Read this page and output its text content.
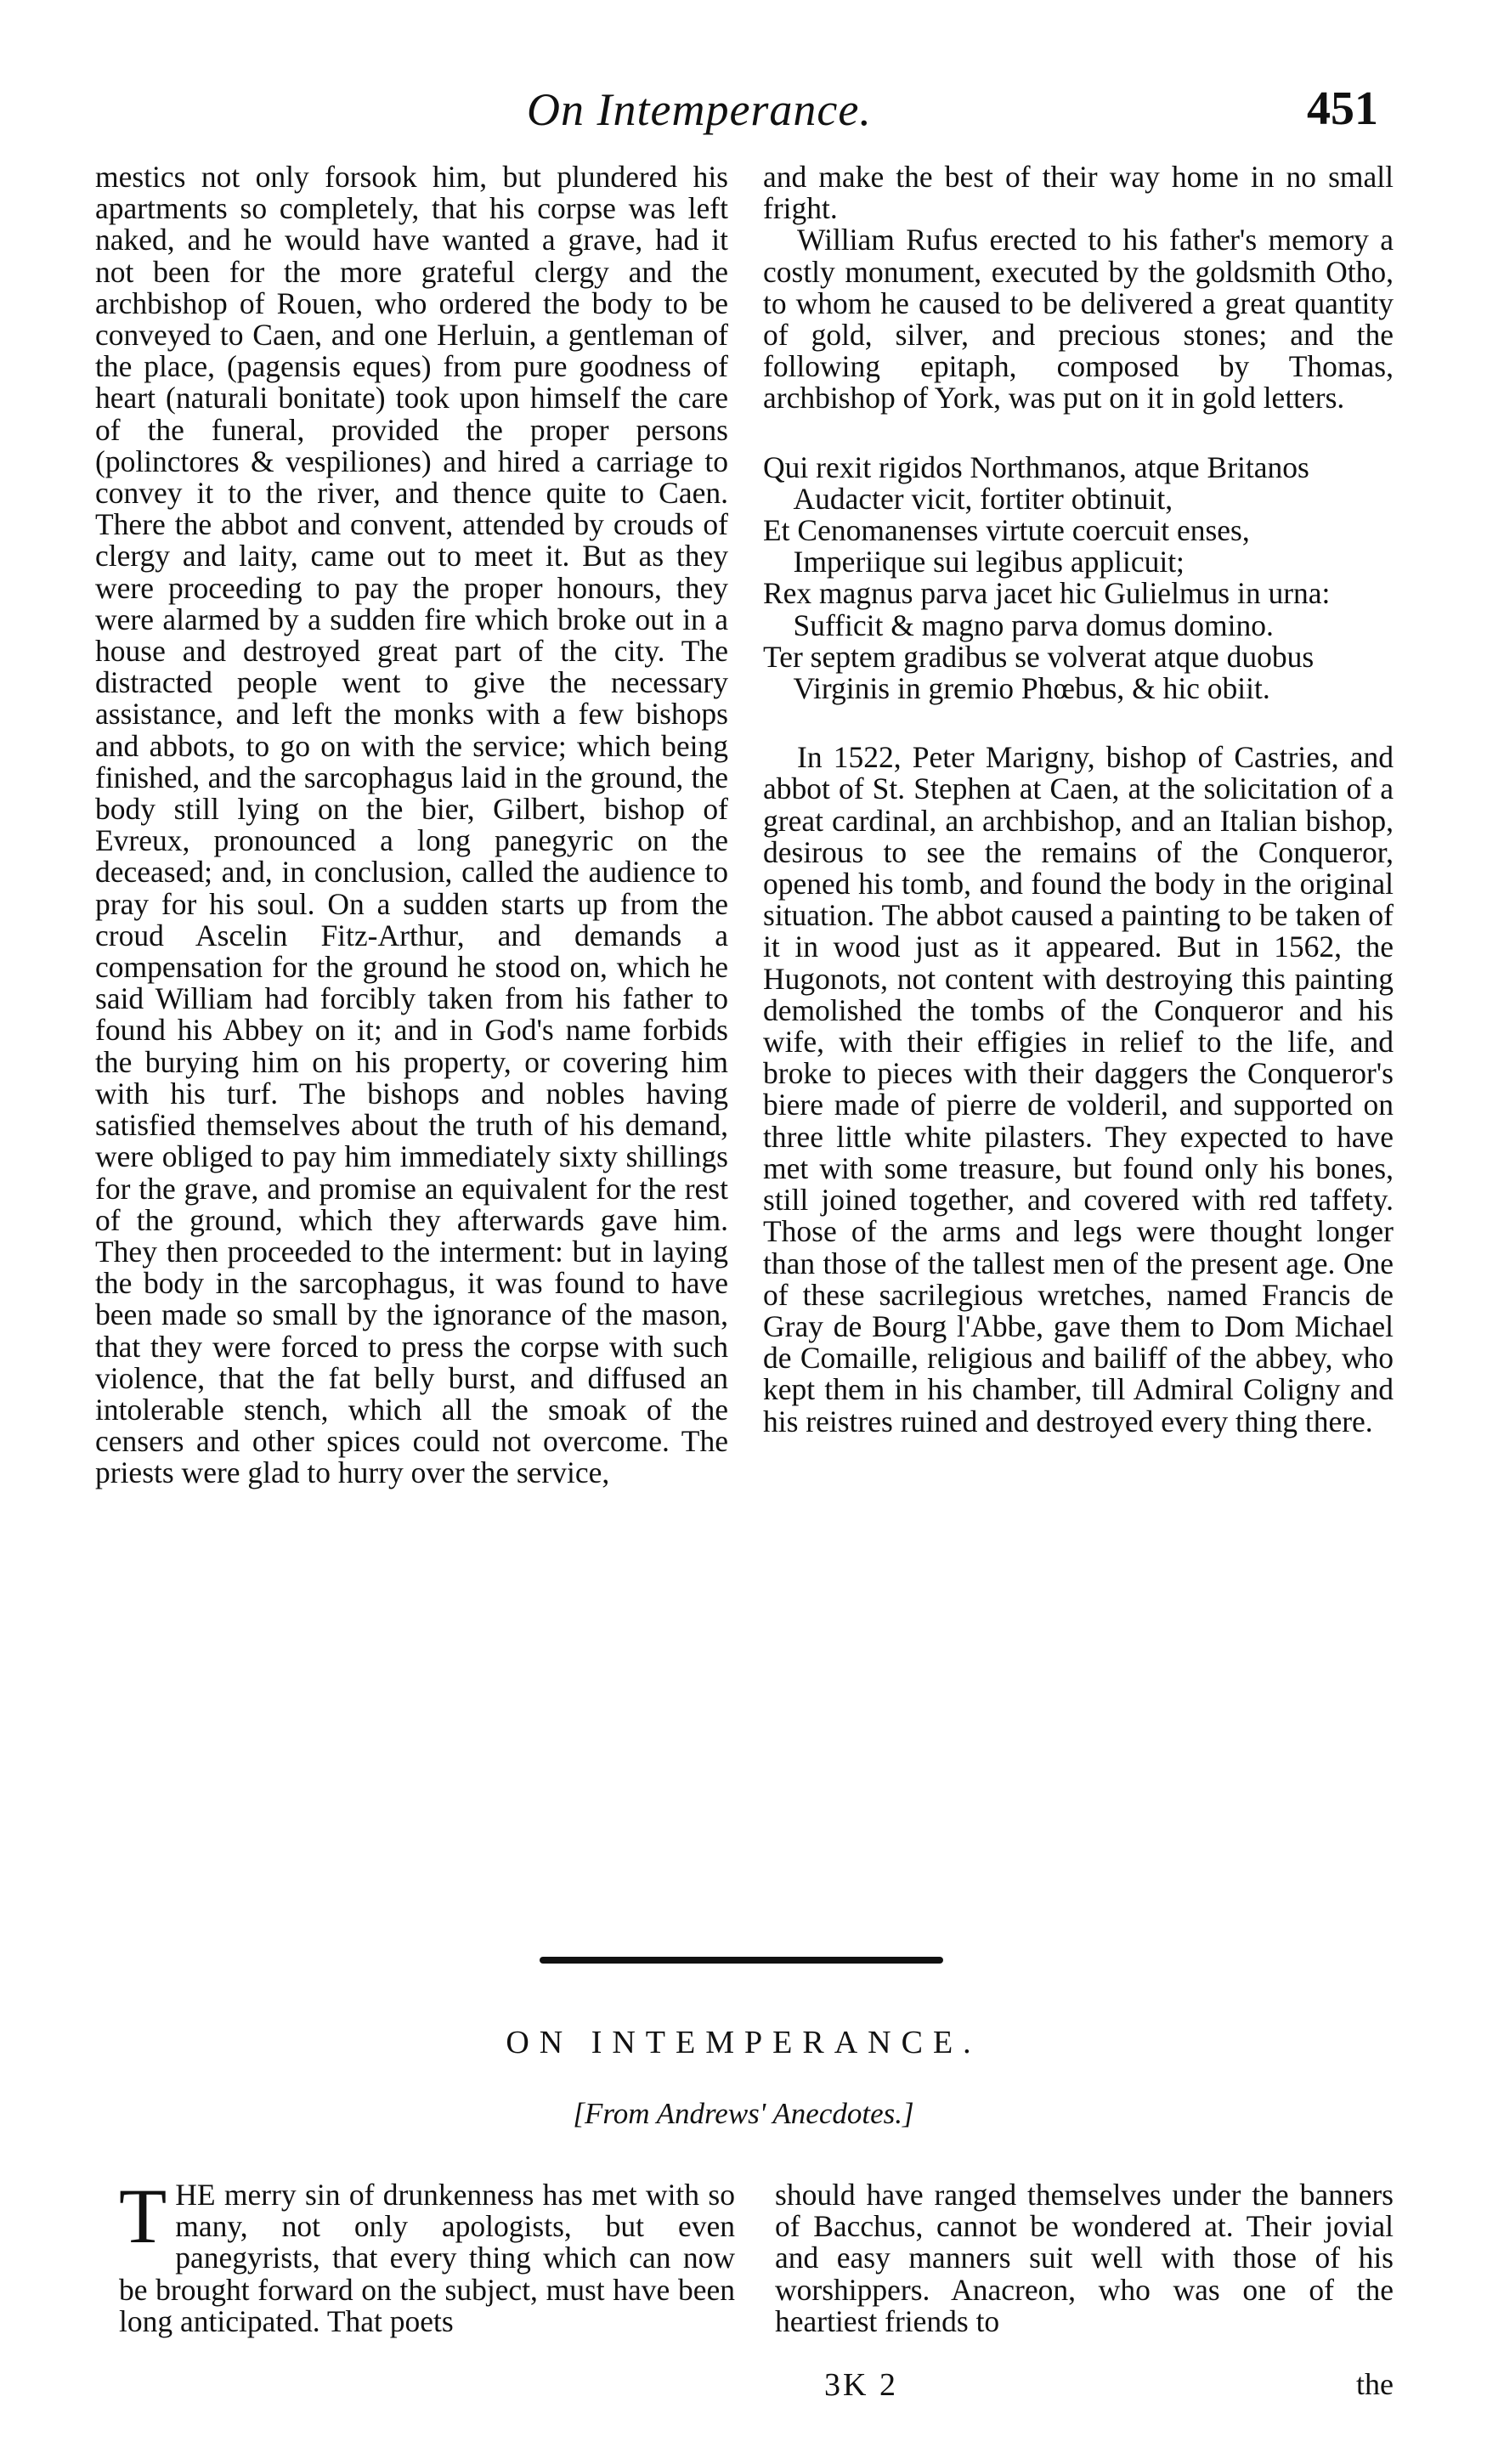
On Intemperance.	451

mestics not only forsook him, but plundered his apartments so completely, that his corpse was left naked, and he would have wanted a grave, had it not been for the more grateful clergy and the archbishop of Rouen, who ordered the body to be conveyed to Caen, and one Herluin, a gentleman of the place, (pagensis eques) from pure goodness of heart (naturali bonitate) took upon himself the care of the funeral, provided the proper persons (polinctores & vespiliones) and hired a carriage to convey it to the river, and thence quite to Caen. There the abbot and convent, attended by crouds of clergy and laity, came out to meet it. But as they were proceeding to pay the proper honours, they were alarmed by a sudden fire which broke out in a house and destroyed great part of the city. The distracted people went to give the necessary assistance, and left the monks with a few bishops and abbots, to go on with the service; which being finished, and the sarcophagus laid in the ground, the body still lying on the bier, Gilbert, bishop of Evreux, pronounced a long panegyric on the deceased; and, in conclusion, called the audience to pray for his soul. On a sudden starts up from the croud Ascelin Fitz-Arthur, and demands a compensation for the ground he stood on, which he said William had forcibly taken from his father to found his Abbey on it; and in God's name forbids the burying him on his property, or covering him with his turf. The bishops and nobles having satisfied themselves about the truth of his demand, were obliged to pay him immediately sixty shillings for the grave, and promise an equivalent for the rest of the ground, which they afterwards gave him. They then proceeded to the interment: but in laying the body in the sarcophagus, it was found to have been made so small by the ignorance of the mason, that they were forced to press the corpse with such violence, that the fat belly burst, and diffused an intolerable stench, which all the smoak of the censers and other spices could not overcome. The priests were glad to hurry over the service,

and make the best of their way home in no small fright.

William Rufus erected to his father's memory a costly monument, executed by the goldsmith Otho, to whom he caused to be delivered a great quantity of gold, silver, and precious stones; and the following epitaph, composed by Thomas, archbishop of York, was put on it in gold letters.

Qui rexit rigidos Northmanos, atque Britanos

Audacter vicit, fortiter obtinuit,

Et Cenomanenses virtute coercuit enses,

Imperiique sui legibus applicuit;

Rex magnus parva jacet hic Gulielmus in urna:

Sufficit & magno parva domus domino.

Ter septem gradibus se volverat atque duobus

Virginis in gremio Phœbus, & hic obiit.

In 1522, Peter Marigny, bishop of Castries, and abbot of St. Stephen at Caen, at the solicitation of a great cardinal, an archbishop, and an Italian bishop, desirous to see the remains of the Conqueror, opened his tomb, and found the body in the original situation. The abbot caused a painting to be taken of it in wood just as it appeared. But in 1562, the Hugonots, not content with destroying this painting demolished the tombs of the Conqueror and his wife, with their effigies in relief to the life, and broke to pieces with their daggers the Conqueror's biere made of pierre de volderil, and supported on three little white pilasters. They expected to have met with some treasure, but found only his bones, still joined together, and covered with red taffety. Those of the arms and legs were thought longer than those of the tallest men of the present age. One of these sacrilegious wretches, named Francis de Gray de Bourg l'Abbe, gave them to Dom Michael de Comaille, religious and bailiff of the abbey, who kept them in his chamber, till Admiral Coligny and his reistres ruined and destroyed every thing there.

ON INTEMPERANCE.
[From Andrews' Anecdotes.]
THE merry sin of drunkenness has met with so many, not only apologists, but even panegyrists, that every thing which can now be brought forward on the subject, must have been long anticipated. That poets
should have ranged themselves under the banners of Bacchus, cannot be wondered at. Their jovial and easy manners suit well with those of his worshippers. Anacreon, who was one of the heartiest friends to
3K 2	the
